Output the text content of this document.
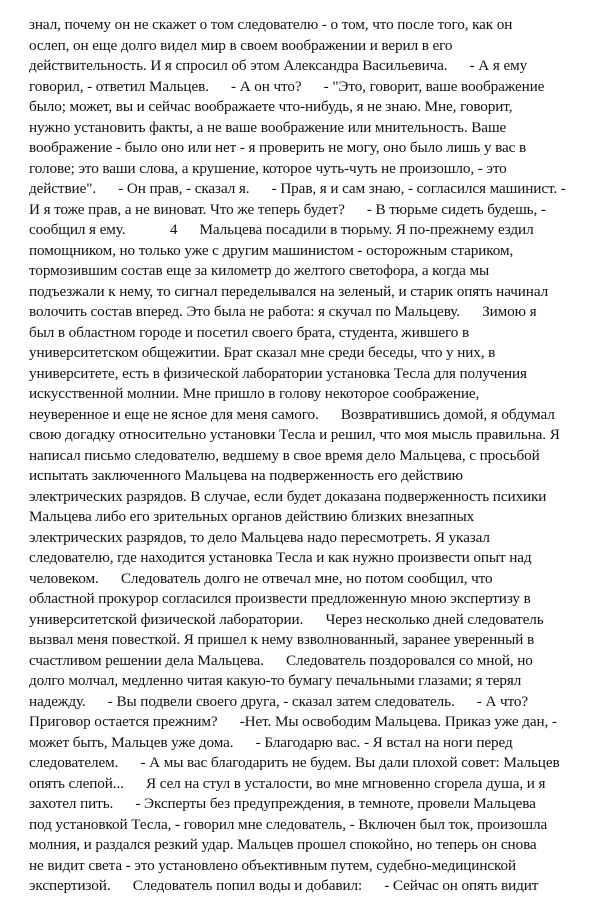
знал, почему он не скажет о том следователю - о том, что после того, как он
ослеп, он еще долго видел мир в своем воображении и верил в его
действительность. И я спросил об этом Александра Васильевича.      - А я ему
говорил, - ответил Мальцев.      - А он что?      - "Это, говорит, ваше воображение
было; может, вы и сейчас воображаете что-нибудь, я не знаю. Мне, говорит,
нужно установить факты, а не ваше воображение или мнительность. Ваше
воображение - было оно или нет - я проверить не могу, оно было лишь у вас в
голове; это ваши слова, а крушение, которое чуть-чуть не произошло, - это
действие".      - Он прав, - сказал я.      - Прав, я и сам знаю, - согласился машинист. -
И я тоже прав, а не виноват. Что же теперь будет?      - В тюрьме сидеть будешь, -
сообщил я ему.            4      Мальцева посадили в тюрьму. Я по-прежнему ездил
помощником, но только уже с другим машинистом - осторожным стариком,
тормозившим состав еще за километр до желтого светофора, а когда мы
подъезжали к нему, то сигнал переделывался на зеленый, и старик опять начинал
волочить состав вперед. Это была не работа: я скучал по Мальцеву.      Зимою я
был в областном городе и посетил своего брата, студента, жившего в
университетском общежитии. Брат сказал мне среди беседы, что у них, в
университете, есть в физической лаборатории установка Тесла для получения
искусственной молнии. Мне пришло в голову некоторое соображение,
неуверенное и еще не ясное для меня самого.      Возвратившись домой, я обдумал
свою догадку относительно установки Тесла и решил, что моя мысль правильна. Я
написал письмо следователю, ведшему в свое время дело Мальцева, с просьбой
испытать заключенного Мальцева на подверженность его действию
электрических разрядов. В случае, если будет доказана подверженность психики
Мальцева либо его зрительных органов действию близких внезапных
электрических разрядов, то дело Мальцева надо пересмотреть. Я указал
следователю, где находится установка Тесла и как нужно произвести опыт над
человеком.      Следователь долго не отвечал мне, но потом сообщил, что
областной прокурор согласился произвести предложенную мною экспертизу в
университетской физической лаборатории.      Через несколько дней следователь
вызвал меня повесткой. Я пришел к нему взволнованный, заранее уверенный в
счастливом решении дела Мальцева.      Следователь поздоровался со мной, но
долго молчал, медленно читая какую-то бумагу печальными глазами; я терял
надежду.      - Вы подвели своего друга, - сказал затем следователь.      - А что?
Приговор остается прежним?      -Нет. Мы освободим Мальцева. Приказ уже дан, -
может быть, Мальцев уже дома.      - Благодарю вас. - Я встал на ноги перед
следователем.      - А мы вас благодарить не будем. Вы дали плохой совет: Мальцев
опять слепой...      Я сел на стул в усталости, во мне мгновенно сгорела душа, и я
захотел пить.      - Эксперты без предупреждения, в темноте, провели Мальцева
под установкой Тесла, - говорил мне следователь, - Включен был ток, произошла
молния, и раздался резкий удар. Мальцев прошел спокойно, но теперь он снова
не видит света - это установлено объективным путем, судебно-медицинской
экспертизой.      Следователь попил воды и добавил:      - Сейчас он опять видит
